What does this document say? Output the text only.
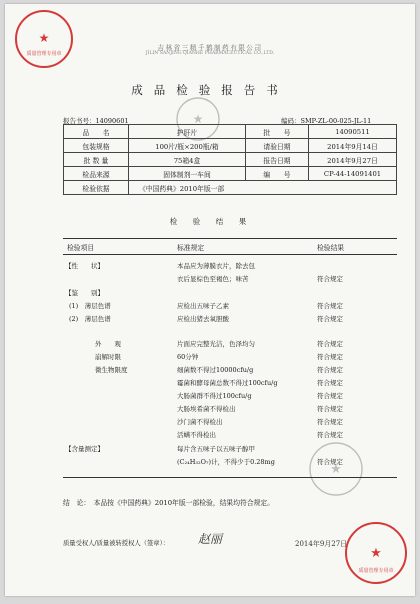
★
质量管理专用章
★
★
★
质量管理专用章
吉林省三精千鹤制药有限公司
JILIN SANJING QIANHE PHARMACEUTICAL CO.,LTD.
成品检验报告书
报告书号：14090601	编码：SMP-ZL-00-025-JL-11
品　　名	护肝片	批　　号	14090511
包装规格	100片/瓶×200瓶/箱	请验日期	2014年9月14日
批 数 量	75箱4盒	报告日期	2014年9月27日
检品来源	固体制剂一车间	编　　号	CP-44-14091401
检验依据	《中国药典》2010年版一部		
检　验　结　果
检验项目	标准规定	检验结果
【性　　状】	本品应为薄膜衣片，除去包
衣后显棕色至褐色；味苦	符合规定
【鉴　　别】
(1)　薄层色谱	应检出五味子乙素	符合规定
(2)　薄层色谱	应检出猪去氧胆酸	符合规定
外　　观	片面应完整光洁，色泽均匀	符合规定
崩解时限	60分钟	符合规定
微生物限度	细菌数不得过10000cfu/g	符合规定
霉菌和酵母菌总数不得过100cfu/g	符合规定
大肠菌群不得过100cfu/g	符合规定
大肠埃希菌不得检出	符合规定
沙门菌不得检出	符合规定
活螨不得检出	符合规定
【含量测定】	每片含五味子以五味子醇甲
(C₂₄H₃₂O₇)计，不得少于0.28mg	符合规定
结　论：　本品按《中国药典》2010年版一部检验，结果均符合规定。
质量受权人/质量被转授权人（签章）： 赵丽	2014年9月27日
